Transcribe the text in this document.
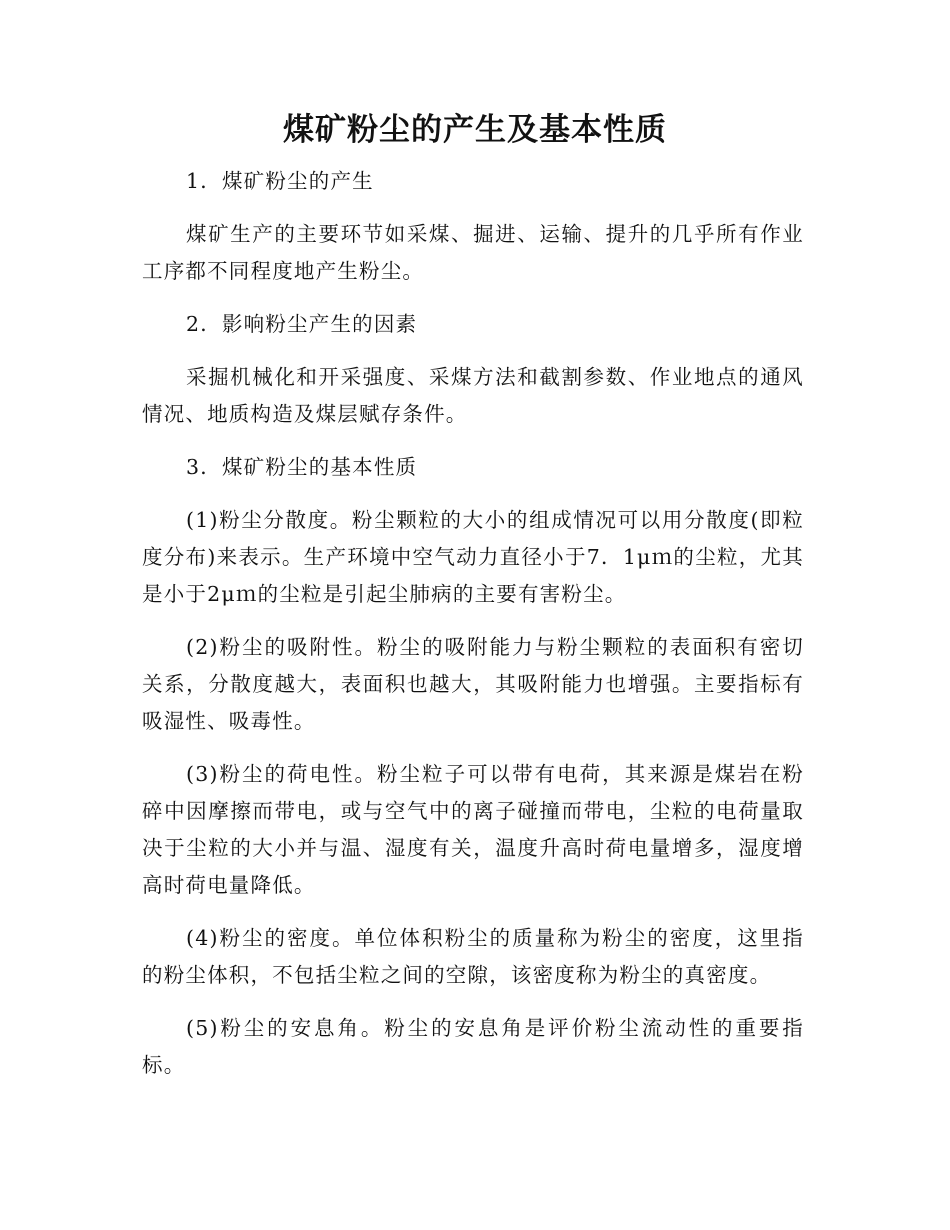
煤矿粉尘的产生及基本性质

1．煤矿粉尘的产生

煤矿生产的主要环节如采煤、掘进、运输、提升的几乎所有作业工序都不同程度地产生粉尘。

2．影响粉尘产生的因素

采掘机械化和开采强度、采煤方法和截割参数、作业地点的通风情况、地质构造及煤层赋存条件。

3．煤矿粉尘的基本性质

(1)粉尘分散度。粉尘颗粒的大小的组成情况可以用分散度(即粒度分布)来表示。生产环境中空气动力直径小于7．1μｍ的尘粒，尤其是小于2μｍ的尘粒是引起尘肺病的主要有害粉尘。

(2)粉尘的吸附性。粉尘的吸附能力与粉尘颗粒的表面积有密切关系，分散度越大，表面积也越大，其吸附能力也增强。主要指标有吸湿性、吸毒性。

(3)粉尘的荷电性。粉尘粒子可以带有电荷，其来源是煤岩在粉碎中因摩擦而带电，或与空气中的离子碰撞而带电，尘粒的电荷量取决于尘粒的大小并与温、湿度有关，温度升高时荷电量增多，湿度增高时荷电量降低。

(4)粉尘的密度。单位体积粉尘的质量称为粉尘的密度，这里指的粉尘体积，不包括尘粒之间的空隙，该密度称为粉尘的真密度。

(5)粉尘的安息角。粉尘的安息角是评价粉尘流动性的重要指标。
